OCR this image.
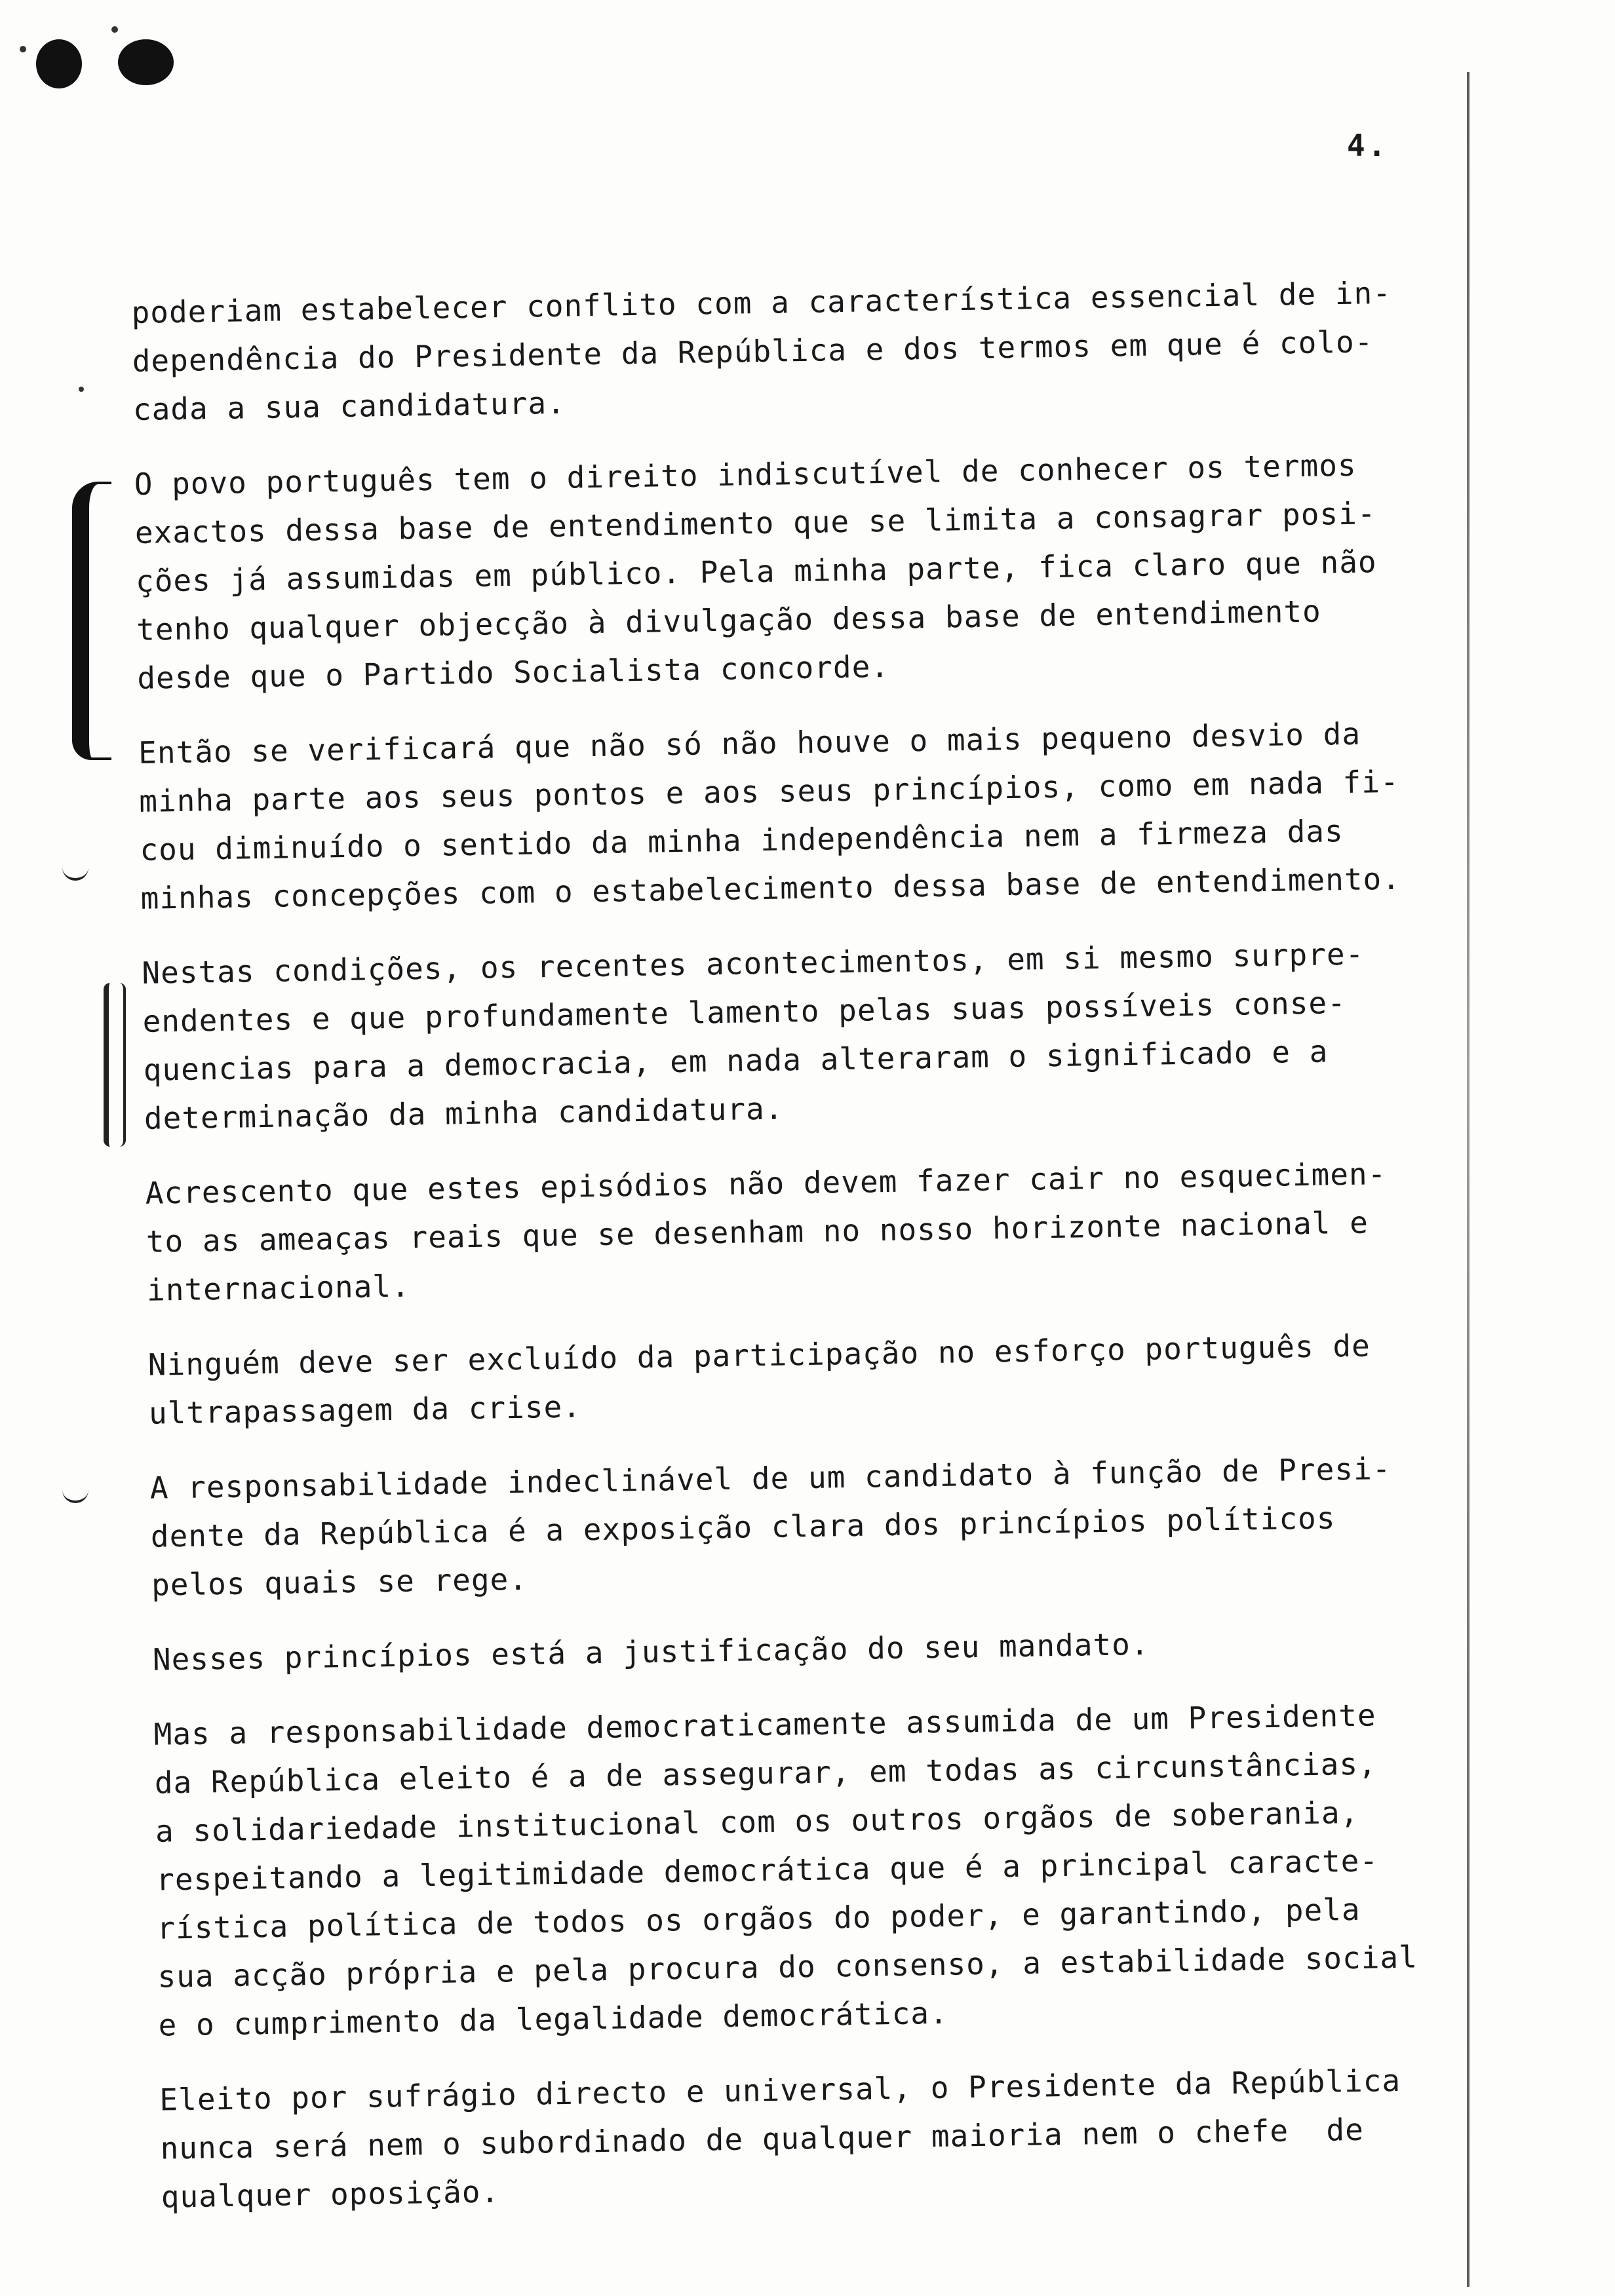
4.
poderiam estabelecer conflito com a característica essencial de in-
dependência do Presidente da República e dos termos em que é colo-
cada a sua candidatura.
O povo português tem o direito indiscutível de conhecer os termos
exactos dessa base de entendimento que se limita a consagrar posi-
ções já assumidas em público. Pela minha parte, fica claro que não
tenho qualquer objecção à divulgação dessa base de entendimento
desde que o Partido Socialista concorde.
Então se verificará que não só não houve o mais pequeno desvio da
minha parte aos seus pontos e aos seus princípios, como em nada fi-
cou diminuído o sentido da minha independência nem a firmeza das
minhas concepções com o estabelecimento dessa base de entendimento.
Nestas condições, os recentes acontecimentos, em si mesmo surpre-
endentes e que profundamente lamento pelas suas possíveis conse-
quencias para a democracia, em nada alteraram o significado e a
determinação da minha candidatura.
Acrescento que estes episódios não devem fazer cair no esquecimen-
to as ameaças reais que se desenham no nosso horizonte nacional e
internacional.
Ninguém deve ser excluído da participação no esforço português de
ultrapassagem da crise.
A responsabilidade indeclinável de um candidato à função de Presi-
dente da República é a exposição clara dos princípios políticos
pelos quais se rege.
Nesses princípios está a justificação do seu mandato.
Mas a responsabilidade democraticamente assumida de um Presidente
da República eleito é a de assegurar, em todas as circunstâncias,
a solidariedade institucional com os outros orgãos de soberania,
respeitando a legitimidade democrática que é a principal caracte-
rística política de todos os orgãos do poder, e garantindo, pela
sua acção própria e pela procura do consenso, a estabilidade social
e o cumprimento da legalidade democrática.
Eleito por sufrágio directo e universal, o Presidente da República
nunca será nem o subordinado de qualquer maioria nem o chefe  de
qualquer oposição.
